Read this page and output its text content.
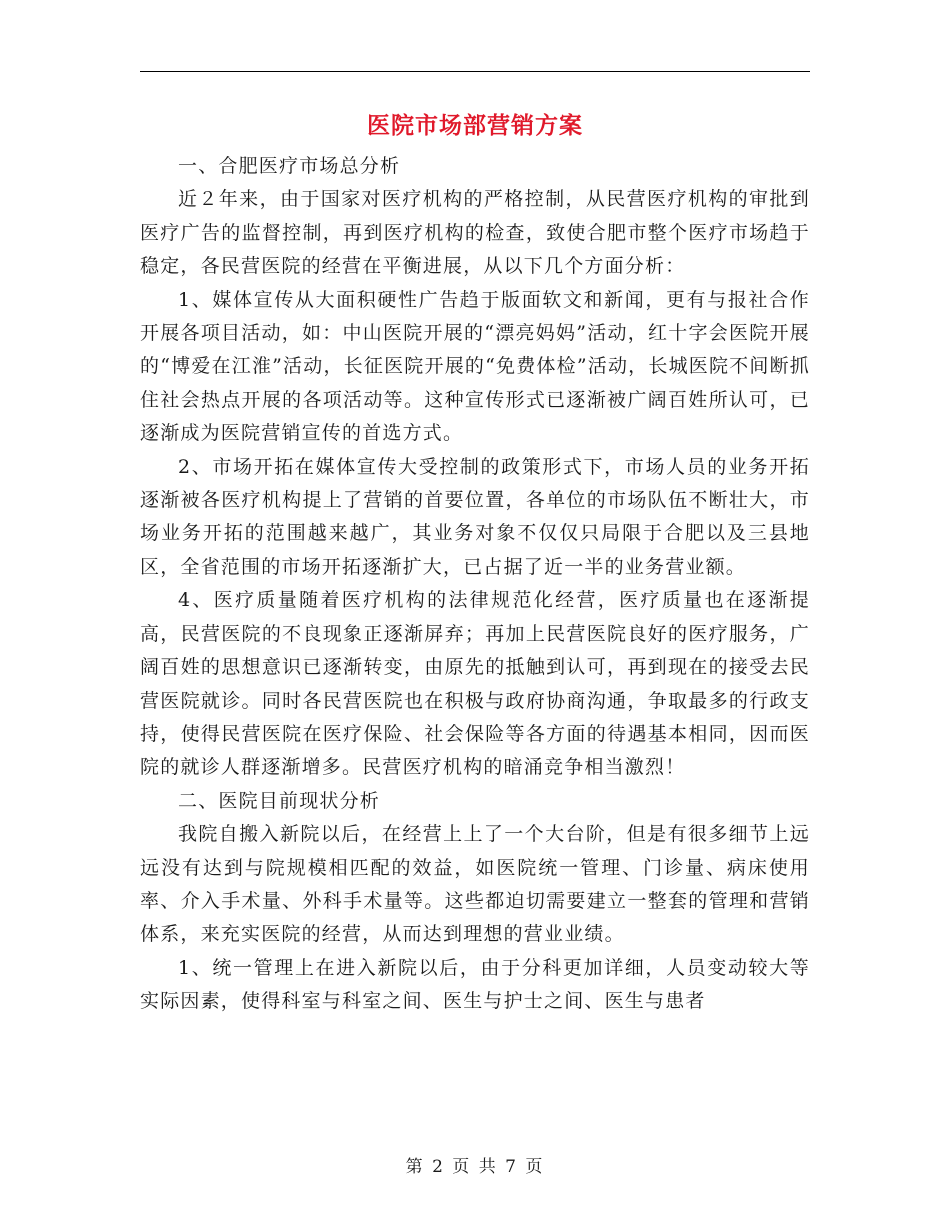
医院市场部营销方案

一、合肥医疗市场总分析

近２年来，由于国家对医疗机构的严格控制，从民营医疗机构的审批到医疗广告的监督控制，再到医疗机构的检查，致使合肥市整个医疗市场趋于稳定，各民营医院的经营在平衡进展，从以下几个方面分析：

1、媒体宣传从大面积硬性广告趋于版面软文和新闻，更有与报社合作开展各项目活动，如：中山医院开展的“漂亮妈妈”活动，红十字会医院开展的“博爱在江淮”活动，长征医院开展的“免费体检”活动，长城医院不间断抓住社会热点开展的各项活动等。这种宣传形式已逐渐被广阔百姓所认可，已逐渐成为医院营销宣传的首选方式。

2、市场开拓在媒体宣传大受控制的政策形式下，市场人员的业务开拓逐渐被各医疗机构提上了营销的首要位置，各单位的市场队伍不断壮大，市场业务开拓的范围越来越广，其业务对象不仅仅只局限于合肥以及三县地区，全省范围的市场开拓逐渐扩大，已占据了近一半的业务营业额。

4、医疗质量随着医疗机构的法律规范化经营，医疗质量也在逐渐提高，民营医院的不良现象正逐渐屏弃；再加上民营医院良好的医疗服务，广阔百姓的思想意识已逐渐转变，由原先的抵触到认可，再到现在的接受去民营医院就诊。同时各民营医院也在积极与政府协商沟通，争取最多的行政支持，使得民营医院在医疗保险、社会保险等各方面的待遇基本相同，因而医院的就诊人群逐渐增多。民营医疗机构的暗涌竞争相当激烈！

二、医院目前现状分析

我院自搬入新院以后，在经营上上了一个大台阶，但是有很多细节上远远没有达到与院规模相匹配的效益，如医院统一管理、门诊量、病床使用率、介入手术量、外科手术量等。这些都迫切需要建立一整套的管理和营销体系，来充实医院的经营，从而达到理想的营业业绩。

1、统一管理上在进入新院以后，由于分科更加详细，人员变动较大等实际因素，使得科室与科室之间、医生与护士之间、医生与患者

第 2 页 共 7 页
